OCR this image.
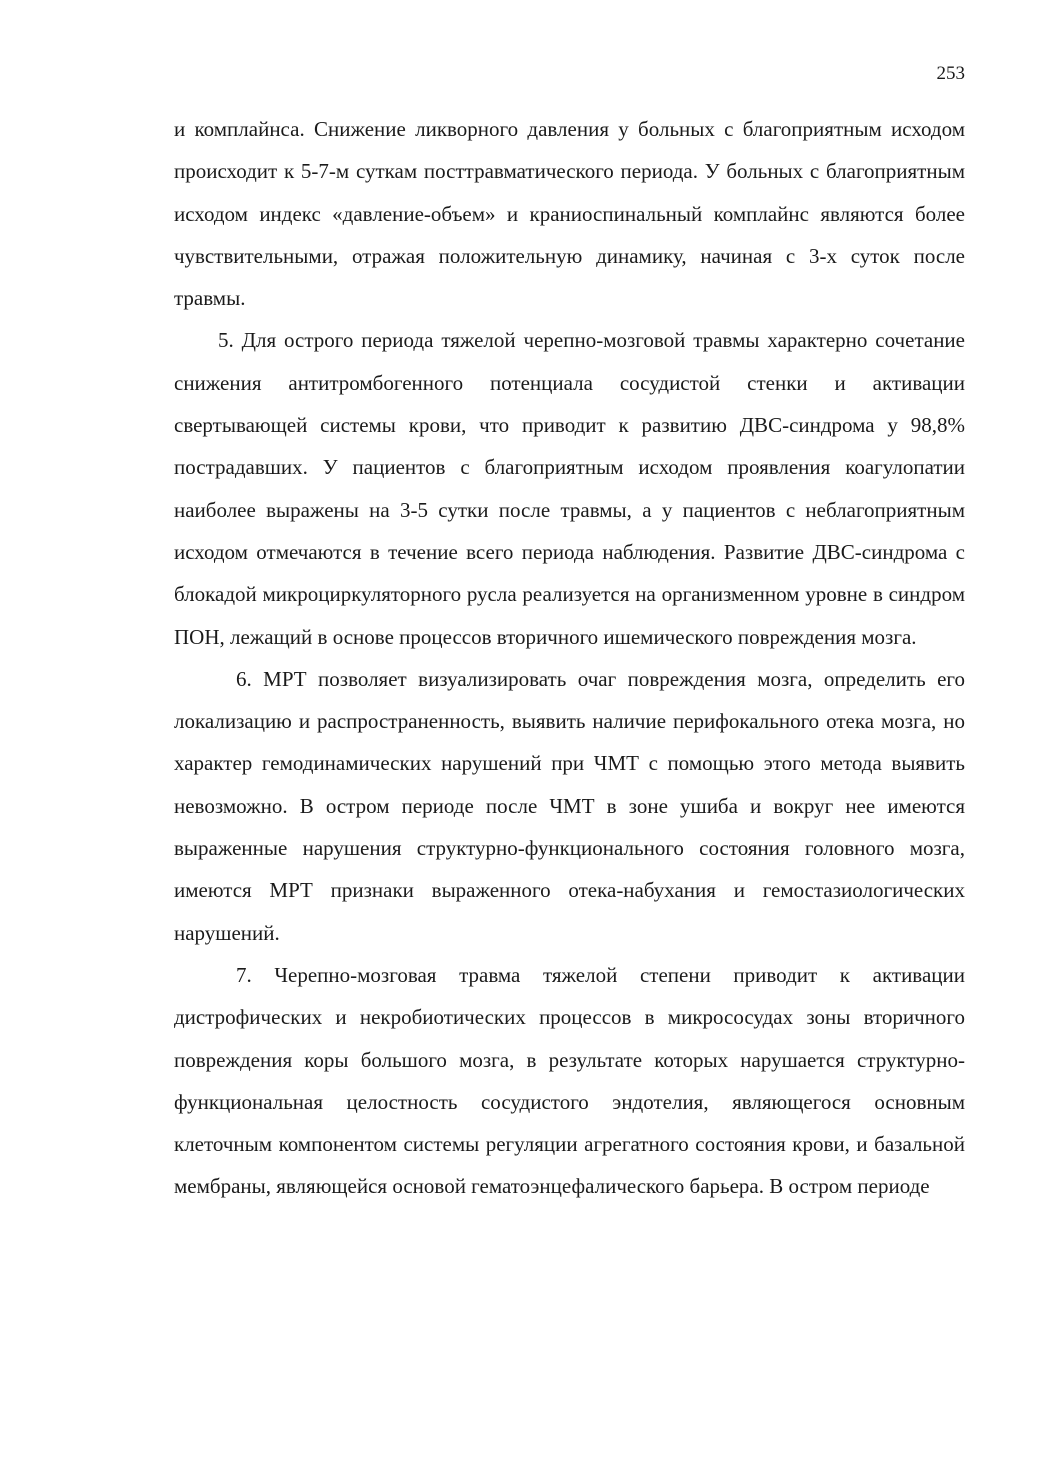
253

и комплайнса. Снижение ликворного давления у больных с благоприятным исходом происходит к 5-7-м суткам посттравматического периода. У больных с благоприятным исходом индекс «давление-объем» и краниоспинальный комплайнс являются более чувствительными, отражая положительную динамику, начиная с 3-х суток после травмы.

5. Для острого периода тяжелой черепно-мозговой травмы характерно сочетание снижения антитромбогенного потенциала сосудистой стенки и активации свертывающей системы крови, что приводит к развитию ДВС-синдрома у 98,8% пострадавших. У пациентов с благоприятным исходом проявления коагулопатии наиболее выражены на 3-5 сутки после травмы, а у пациентов с неблагоприятным исходом отмечаются в течение всего периода наблюдения. Развитие ДВС-синдрома с блокадой микроциркуляторного русла реализуется на организменном уровне в синдром ПОН, лежащий в основе процессов вторичного ишемического повреждения мозга.

6. МРТ позволяет визуализировать очаг повреждения мозга, определить его локализацию и распространенность, выявить наличие перифокального отека мозга, но характер гемодинамических нарушений при ЧМТ с помощью этого метода выявить невозможно. В остром периоде после ЧМТ в зоне ушиба и вокруг нее имеются выраженные нарушения структурно-функционального состояния головного мозга, имеются МРТ признаки выраженного отека-набухания и гемостазиологических нарушений.

7. Черепно-мозговая травма тяжелой степени приводит к активации дистрофических и некробиотических процессов в микрососудах зоны вторичного повреждения коры большого мозга, в результате которых нарушается структурно-функциональная целостность сосудистого эндотелия, являющегося основным клеточным компонентом системы регуляции агрегатного состояния крови, и базальной мембраны, являющейся основой гематоэнцефалического барьера. В остром периоде
